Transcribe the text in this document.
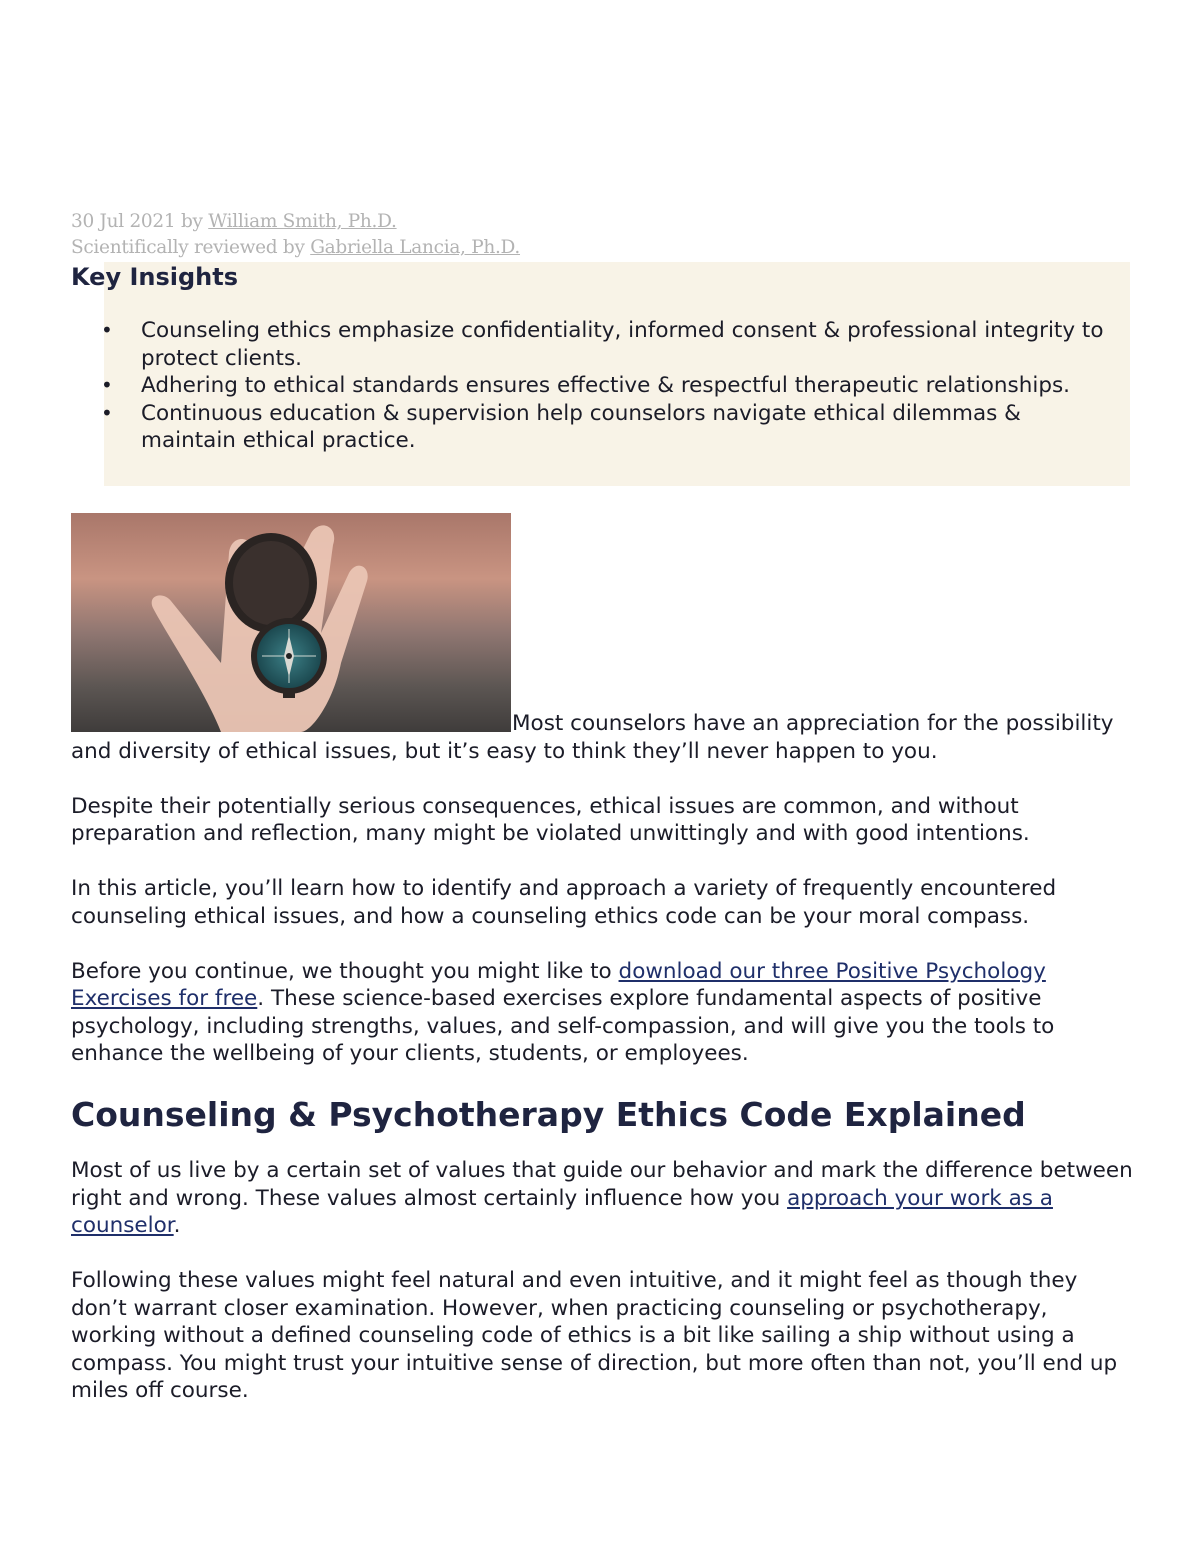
30 Jul 2021 by William Smith, Ph.D.
Scientifically reviewed by Gabriella Lancia, Ph.D.
• Counseling ethics emphasize confidentiality, informed consent & professional integrity to protect clients.
• Adhering to ethical standards ensures effective & respectful therapeutic relationships.
• Continuous education & supervision help counselors navigate ethical dilemmas & maintain ethical practice.
Key Insights

Most counselors have an appreciation for the possibility and diversity of ethical issues, but it’s easy to think they’ll never happen to you.

Despite their potentially serious consequences, ethical issues are common, and without preparation and reflection, many might be violated unwittingly and with good intentions.

In this article, you’ll learn how to identify and approach a variety of frequently encountered counseling ethical issues, and how a counseling ethics code can be your moral compass.

Before you continue, we thought you might like to download our three Positive Psychology Exercises for free. These science-based exercises explore fundamental aspects of positive psychology, including strengths, values, and self-compassion, and will give you the tools to enhance the wellbeing of your clients, students, or employees.

Counseling & Psychotherapy Ethics Code Explained

Most of us live by a certain set of values that guide our behavior and mark the difference between right and wrong. These values almost certainly influence how you approach your work as a counselor.

Following these values might feel natural and even intuitive, and it might feel as though they don’t warrant closer examination. However, when practicing counseling or psychotherapy, working without a defined counseling code of ethics is a bit like sailing a ship without using a compass. You might trust your intuitive sense of direction, but more often than not, you’ll end up miles off course.
